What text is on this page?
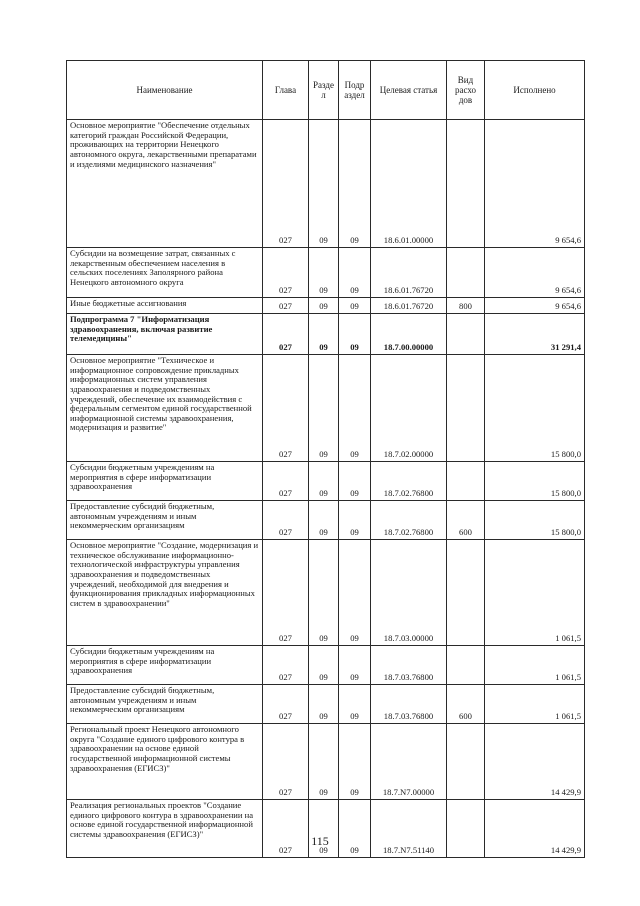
Наименование	Глава	Разде л	Подр аздел	Целевая статья	Вид расхо дов	Исполнено
Основное мероприятие "Обеспечение отдельных категорий граждан Российской Федерации, проживающих на территории Ненецкого автономного округа, лекарственными препаратами и изделиями медицинского назначения"	027	09	09	18.6.01.00000		9 654,6
Субсидии на возмещение затрат, связанных с лекарственным обеспечением населения в сельских поселениях Заполярного района Ненецкого автономного округа	027	09	09	18.6.01.76720		9 654,6
Иные бюджетные ассигнования	027	09	09	18.6.01.76720	800	9 654,6
Подпрограмма 7 "Информатизация здравоохранения, включая развитие телемедицины"	027	09	09	18.7.00.00000		31 291,4
Основное мероприятие "Техническое и информационное сопровождение прикладных информационных систем управления здравоохранения и подведомственных учреждений, обеспечение их взаимодействия с федеральным сегментом единой государственной информационной системы здравоохранения, модернизация и развитие"	027	09	09	18.7.02.00000		15 800,0
Субсидии бюджетным учреждениям на мероприятия в сфере информатизации здравоохранения	027	09	09	18.7.02.76800		15 800,0
Предоставление субсидий бюджетным, автономным учреждениям и иным некоммерческим организациям	027	09	09	18.7.02.76800	600	15 800,0
Основное мероприятие "Создание, модернизация и техническое обслуживание информационно-технологической инфраструктуры управления здравоохранения и подведомственных учреждений, необходимой для внедрения и функционирования прикладных информационных систем в здравоохранении"	027	09	09	18.7.03.00000		1 061,5
Субсидии бюджетным учреждениям на мероприятия в сфере информатизации здравоохранения	027	09	09	18.7.03.76800		1 061,5
Предоставление субсидий бюджетным, автономным учреждениям и иным некоммерческим организациям	027	09	09	18.7.03.76800	600	1 061,5
Региональный проект Ненецкого автономного округа "Создание единого цифрового контура в здравоохранении на основе единой государственной информационной системы здравоохранения (ЕГИСЗ)"	027	09	09	18.7.N7.00000		14 429,9
Реализация региональных проектов "Создание единого цифрового контура в здравоохранении на основе единой государственной информационной системы здравоохранения (ЕГИСЗ)"	027	09	09	18.7.N7.51140		14 429,9
115
